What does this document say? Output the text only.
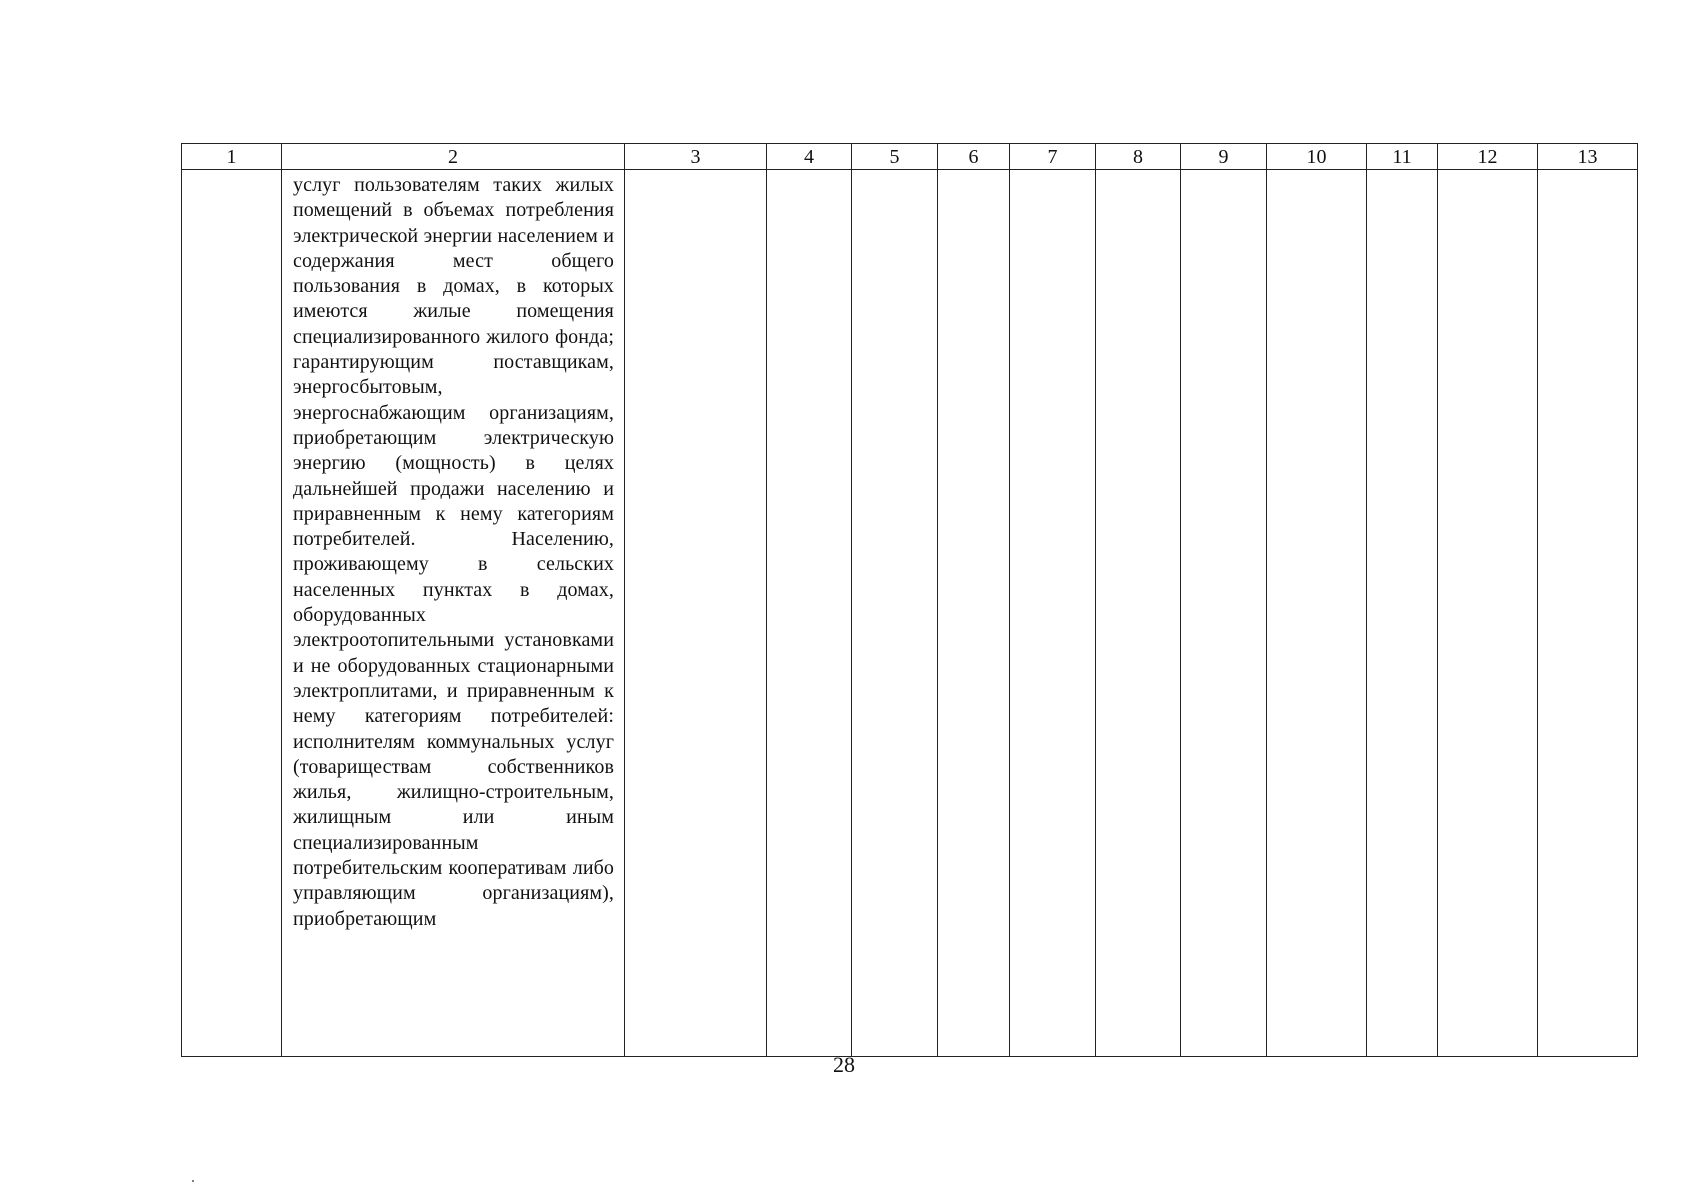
1	2	3	4	5	6	7	8	9	10	11	12	13

	услуг пользователям таких жилых помещений в объемах потребления электрической энергии населением и содержания мест общего пользования в домах, в которых имеются жилые помещения специализированного жилого фонда; гарантирующим поставщикам, энергосбытовым, энергоснабжающим организациям, приобретающим электрическую энергию (мощность) в целях дальнейшей продажи населению и приравненным к нему категориям потребителей. Населению, проживающему в сельских населенных пунктах в домах, оборудованных электроотопительными установками и не оборудованных стационарными электроплитами, и приравненным к нему категориям потребителей: исполнителям коммунальных услуг (товариществам собственников жилья, жилищно-строительным, жилищным или иным специализированным потребительским кооперативам либо управляющим организациям), приобретающим											

28
